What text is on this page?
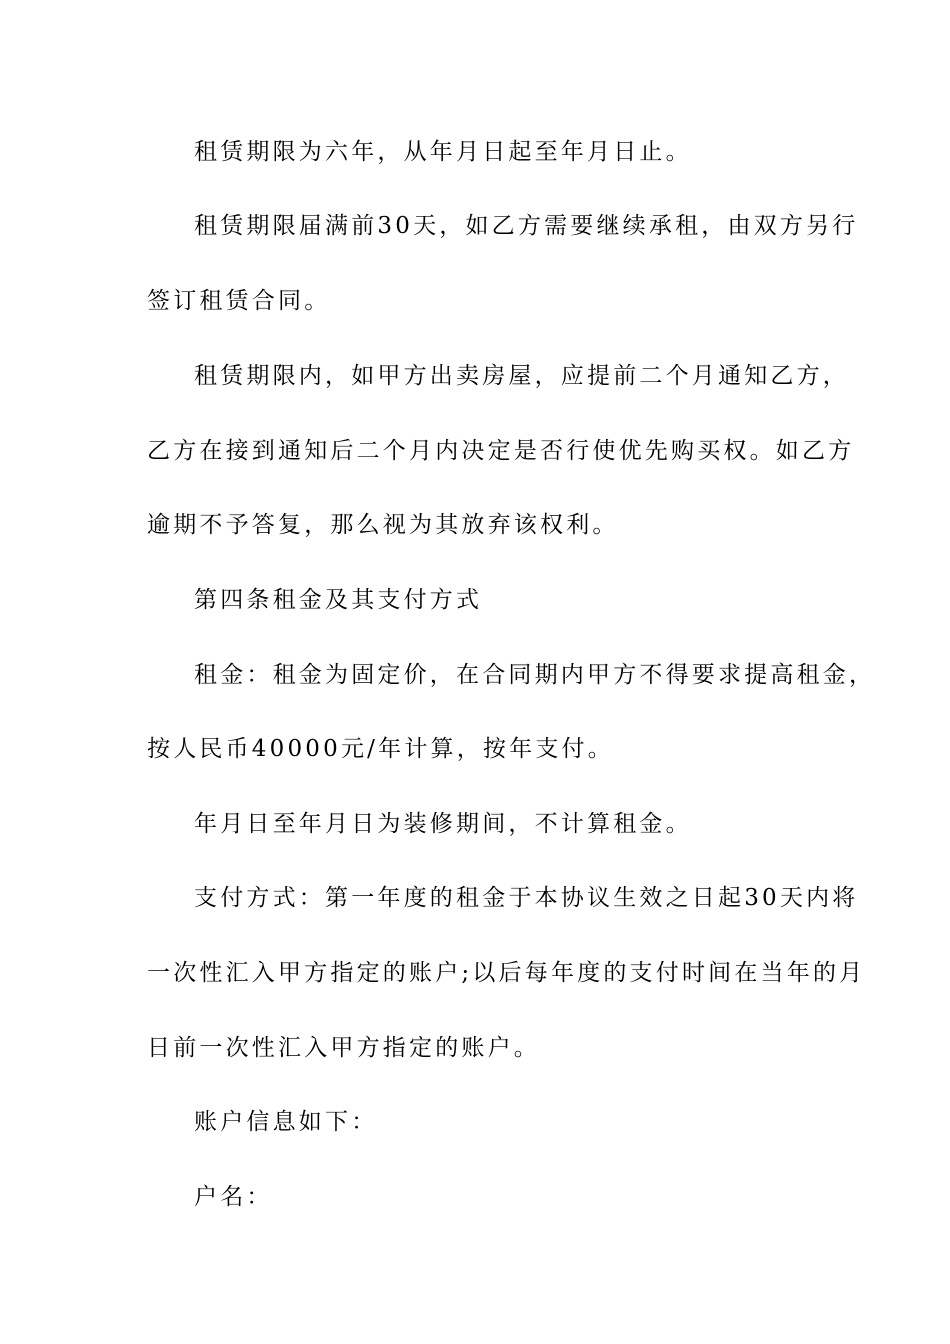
租赁期限为六年，从年月日起至年月日止。
租赁期限届满前30天，如乙方需要继续承租，由双方另行
签订租赁合同。
租赁期限内，如甲方出卖房屋，应提前二个月通知乙方，
乙方在接到通知后二个月内决定是否行使优先购买权。如乙方
逾期不予答复，那么视为其放弃该权利。
第四条租金及其支付方式
租金：租金为固定价，在合同期内甲方不得要求提高租金，
按人民币40000元/年计算，按年支付。
年月日至年月日为装修期间，不计算租金。
支付方式：第一年度的租金于本协议生效之日起30天内将
一次性汇入甲方指定的账户;以后每年度的支付时间在当年的月
日前一次性汇入甲方指定的账户。
账户信息如下：
户名：
